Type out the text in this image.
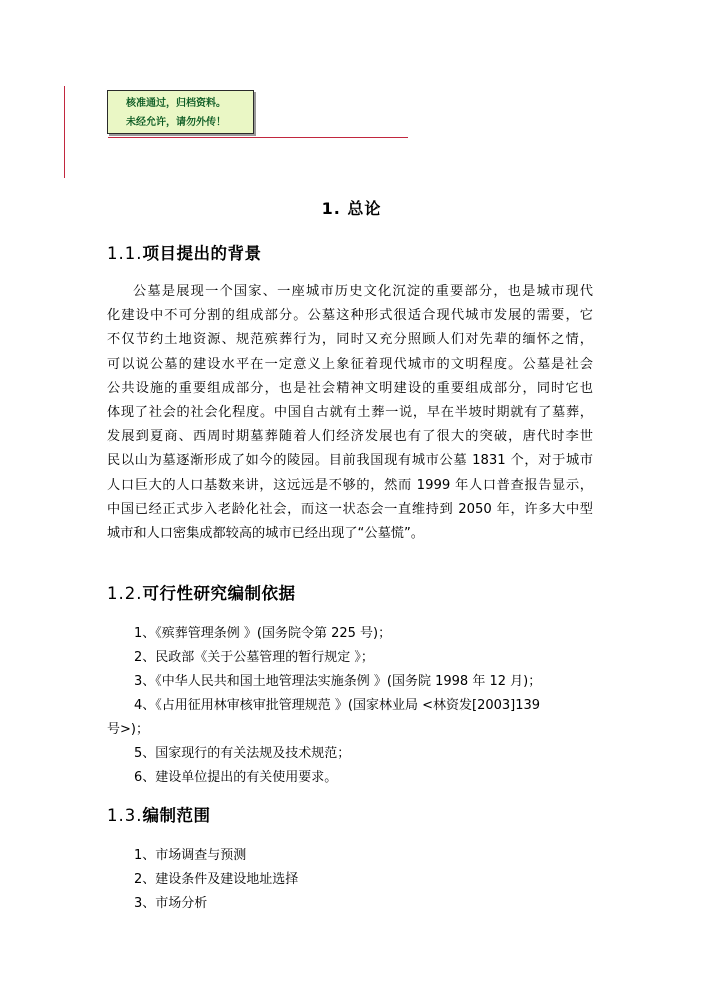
核准通过，归档资料。
未经允许，请勿外传！
1. 总论
1.1.项目提出的背景
公墓是展现一个国家、一座城市历史文化沉淀的重要部分，也是城市现代
化建设中不可分割的组成部分。公墓这种形式很适合现代城市发展的需要，它
不仅节约土地资源、规范殡葬行为，同时又充分照顾人们对先辈的缅怀之情，
可以说公墓的建设水平在一定意义上象征着现代城市的文明程度。公墓是社会
公共设施的重要组成部分，也是社会精神文明建设的重要组成部分，同时它也
体现了社会的社会化程度。中国自古就有土葬一说，早在半坡时期就有了墓葬，
发展到夏商、西周时期墓葬随着人们经济发展也有了很大的突破，唐代时李世
民以山为墓逐渐形成了如今的陵园。目前我国现有城市公墓 1831 个，对于城市
人口巨大的人口基数来讲，这远远是不够的，然而 1999 年人口普查报告显示，
中国已经正式步入老龄化社会，而这一状态会一直维持到 2050 年，许多大中型
城市和人口密集成都较高的城市已经出现了“公墓慌”。
1.2.可行性研究编制依据
1、《殡葬管理条例 》(国务院令第 225 号)；
2、民政部《关于公墓管理的暂行规定 》；
3、《中华人民共和国土地管理法实施条例 》(国务院 1998 年 12 月)；
4、《占用征用林审核审批管理规范 》(国家林业局 <林资发[2003]139
号>)；
5、国家现行的有关法规及技术规范；
6、建设单位提出的有关使用要求。
1.3.编制范围
1、市场调查与预测
2、建设条件及建设地址选择
3、市场分析
